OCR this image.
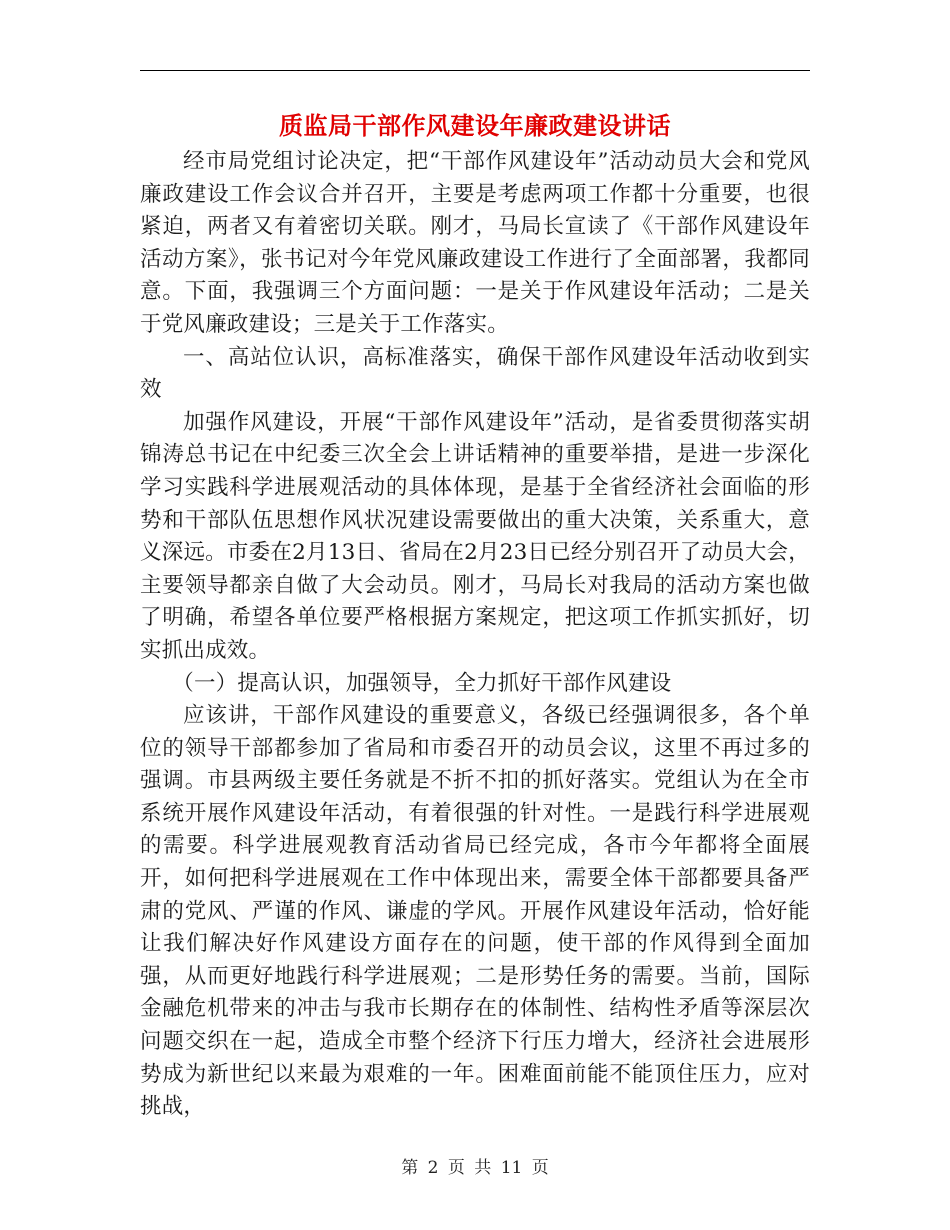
质监局干部作风建设年廉政建设讲话

经市局党组讨论决定，把“干部作风建设年”活动动员大会和党风廉政建设工作会议合并召开，主要是考虑两项工作都十分重要，也很紧迫，两者又有着密切关联。刚才，马局长宣读了《干部作风建设年活动方案》，张书记对今年党风廉政建设工作进行了全面部署，我都同意。下面，我强调三个方面问题：一是关于作风建设年活动；二是关于党风廉政建设；三是关于工作落实。

一、高站位认识，高标准落实，确保干部作风建设年活动收到实效

加强作风建设，开展“干部作风建设年”活动，是省委贯彻落实胡锦涛总书记在中纪委三次全会上讲话精神的重要举措，是进一步深化学习实践科学进展观活动的具体体现，是基于全省经济社会面临的形势和干部队伍思想作风状况建设需要做出的重大决策，关系重大，意义深远。市委在2月13日、省局在2月23日已经分别召开了动员大会，主要领导都亲自做了大会动员。刚才，马局长对我局的活动方案也做了明确，希望各单位要严格根据方案规定，把这项工作抓实抓好，切实抓出成效。

（一）提高认识，加强领导，全力抓好干部作风建设

应该讲，干部作风建设的重要意义，各级已经强调很多，各个单位的领导干部都参加了省局和市委召开的动员会议，这里不再过多的强调。市县两级主要任务就是不折不扣的抓好落实。党组认为在全市系统开展作风建设年活动，有着很强的针对性。一是践行科学进展观的需要。科学进展观教育活动省局已经完成，各市今年都将全面展开，如何把科学进展观在工作中体现出来，需要全体干部都要具备严肃的党风、严谨的作风、谦虚的学风。开展作风建设年活动，恰好能让我们解决好作风建设方面存在的问题，使干部的作风得到全面加强，从而更好地践行科学进展观；二是形势任务的需要。当前，国际金融危机带来的冲击与我市长期存在的体制性、结构性矛盾等深层次问题交织在一起，造成全市整个经济下行压力增大，经济社会进展形势成为新世纪以来最为艰难的一年。困难面前能不能顶住压力，应对挑战，

第 2 页 共 11 页
